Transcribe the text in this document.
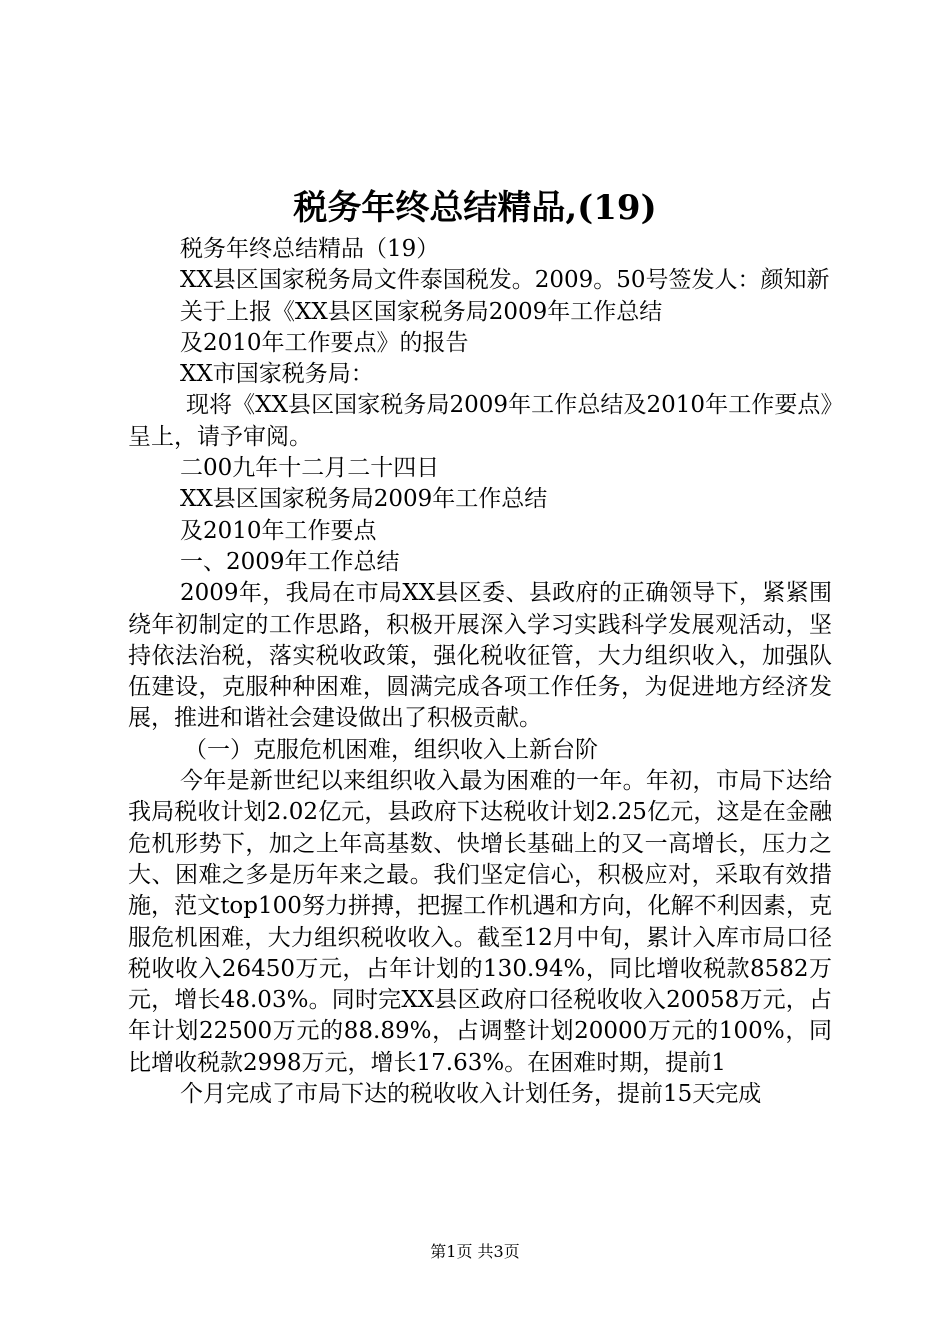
税务年终总结精品,(19)

税务年终总结精品（19）

XX县区国家税务局文件泰国税发。2009。50号签发人：颜知新

关于上报《XX县区国家税务局2009年工作总结

及2010年工作要点》的报告

XX市国家税务局：

现将《XX县区国家税务局2009年工作总结及2010年工作要点》呈上，请予审阅。

二00九年十二月二十四日

XX县区国家税务局2009年工作总结

及2010年工作要点

一、2009年工作总结

2009年，我局在市局XX县区委、县政府的正确领导下，紧紧围绕年初制定的工作思路，积极开展深入学习实践科学发展观活动，坚持依法治税，落实税收政策，强化税收征管，大力组织收入，加强队伍建设，克服种种困难，圆满完成各项工作任务，为促进地方经济发展，推进和谐社会建设做出了积极贡献。

（一）克服危机困难，组织收入上新台阶

今年是新世纪以来组织收入最为困难的一年。年初，市局下达给我局税收计划2.02亿元，县政府下达税收计划2.25亿元，这是在金融危机形势下，加之上年高基数、快增长基础上的又一高增长，压力之大、困难之多是历年来之最。我们坚定信心，积极应对，采取有效措施，范文top100努力拼搏，把握工作机遇和方向，化解不利因素，克服危机困难，大力组织税收收入。截至12月中旬，累计入库市局口径税收收入26450万元，占年计划的130.94%，同比增收税款8582万元，增长48.03%。同时完XX县区政府口径税收收入20058万元，占年计划22500万元的88.89%，占调整计划20000万元的100%，同比增收税款2998万元，增长17.63%。在困难时期，提前1

个月完成了市局下达的税收收入计划任务，提前15天完成

第1页 共3页
